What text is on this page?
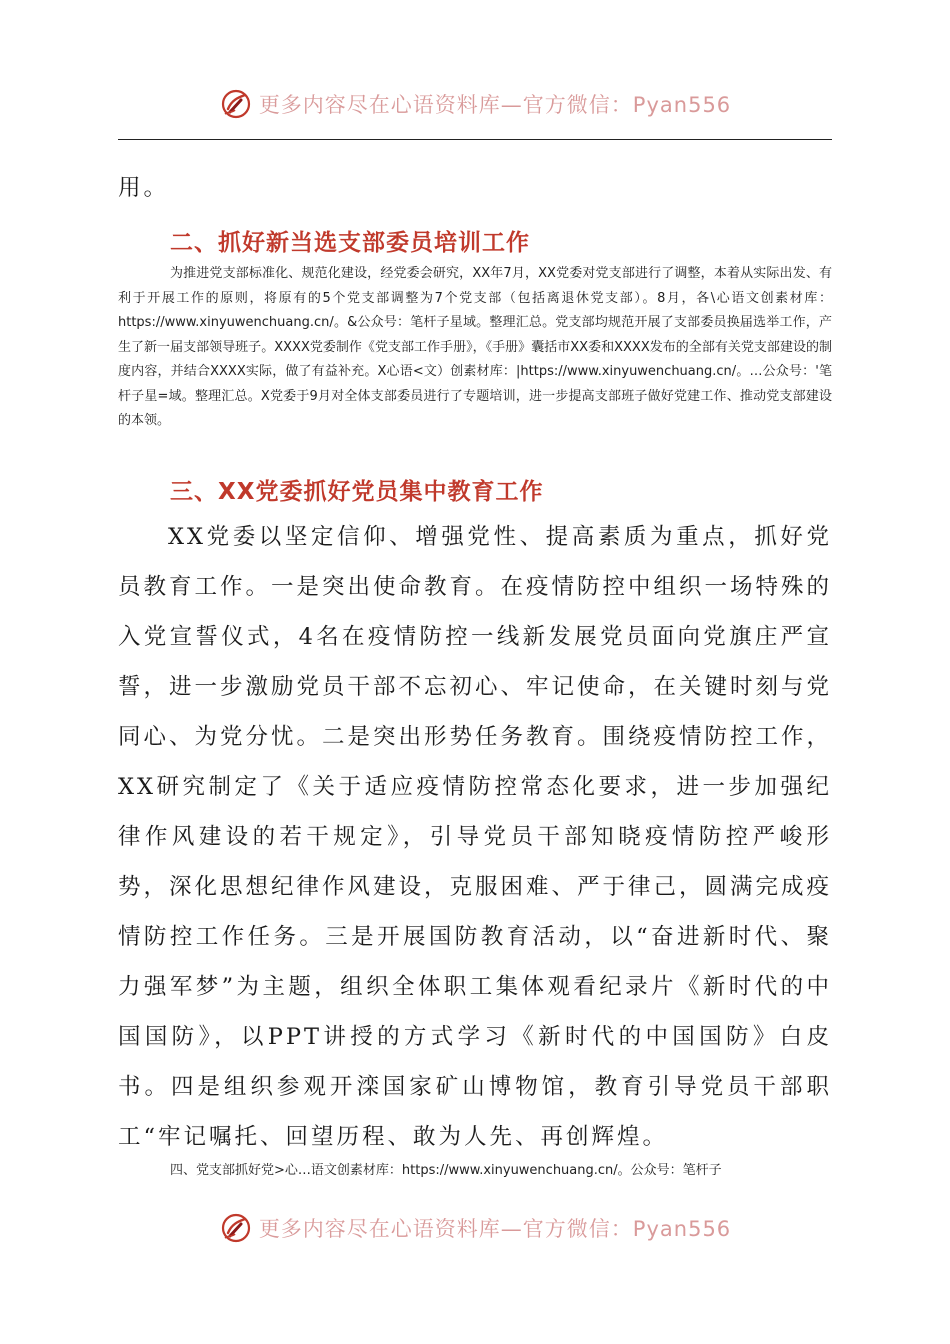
更多内容尽在心语资料库—官方微信：Pyan556

用。

二、抓好新当选支部委员培训工作

为推进党支部标准化、规范化建设，经党委会研究，XX年7月，XX党委对党支部进行了调整，本着从实际出发、有利于开展工作的原则，将原有的5个党支部调整为7个党支部（包括离退休党支部）。8月，各\心语文创素材库：https://www.xinyuwenchuang.cn/。&公众号：笔杆子星域。整理汇总。党支部均规范开展了支部委员换届选举工作，产生了新一届支部领导班子。XXXX党委制作《党支部工作手册》，《手册》囊括市XX委和XXXX发布的全部有关党支部建设的制度内容，并结合XXXX实际，做了有益补充。X心语<文）创素材库：|https://www.xinyuwenchuang.cn/。…公众号：'笔杆子星=域。整理汇总。X党委于9月对全体支部委员进行了专题培训，进一步提高支部班子做好党建工作、推动党支部建设的本领。

三、XX党委抓好党员集中教育工作

XX党委以坚定信仰、增强党性、提高素质为重点，抓好党员教育工作。一是突出使命教育。在疫情防控中组织一场特殊的入党宣誓仪式，4名在疫情防控一线新发展党员面向党旗庄严宣誓，进一步激励党员干部不忘初心、牢记使命，在关键时刻与党同心、为党分忧。二是突出形势任务教育。围绕疫情防控工作，XX研究制定了《关于适应疫情防控常态化要求，进一步加强纪律作风建设的若干规定》，引导党员干部知晓疫情防控严峻形势，深化思想纪律作风建设，克服困难、严于律己，圆满完成疫情防控工作任务。三是开展国防教育活动，以“奋进新时代、聚力强军梦”为主题，组织全体职工集体观看纪录片《新时代的中国国防》，以PPT讲授的方式学习《新时代的中国国防》白皮书。四是组织参观开滦国家矿山博物馆，教育引导党员干部职工“牢记嘱托、回望历程、敢为人先、再创辉煌。

四、党支部抓好党>心…语文创素材库：https://www.xinyuwenchuang.cn/。公众号：笔杆子

更多内容尽在心语资料库—官方微信：Pyan556
